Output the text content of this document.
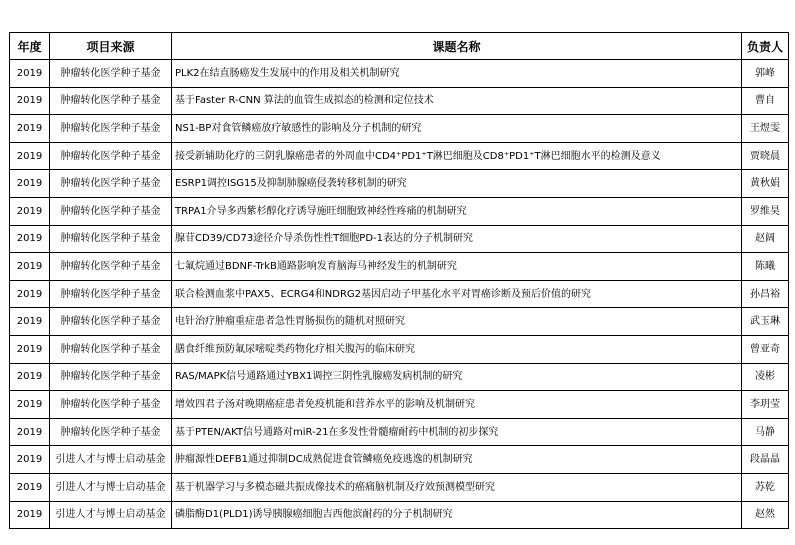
年度	项目来源	课题名称	负责人
2019	肿瘤转化医学种子基金	PLK2在结直肠癌发生发展中的作用及相关机制研究	郭峰
2019	肿瘤转化医学种子基金	基于Faster R-CNN 算法的血管生成拟态的检测和定位技术	曹自
2019	肿瘤转化医学种子基金	NS1-BP对食管鳞癌放疗敏感性的影响及分子机制的研究	王煜雯
2019	肿瘤转化医学种子基金	接受新辅助化疗的三阴乳腺癌患者的外周血中CD4⁺PD1⁺T淋巴细胞及CD8⁺PD1⁺T淋巴细胞水平的检测及意义	贾晓晨
2019	肿瘤转化医学种子基金	ESRP1调控ISG15及抑制肺腺癌侵袭转移机制的研究	黄秋娟
2019	肿瘤转化医学种子基金	TRPA1介导多西紫杉醇化疗诱导施旺细胞致神经性疼痛的机制研究	罗维昊
2019	肿瘤转化医学种子基金	腺苷CD39/CD73途径介导杀伤性性T细胞PD-1表达的分子机制研究	赵阔
2019	肿瘤转化医学种子基金	七氟烷通过BDNF-TrkB通路影响发育脑海马神经发生的机制研究	陈曦
2019	肿瘤转化医学种子基金	联合检测血浆中PAX5、ECRG4和NDRG2基因启动子甲基化水平对胃癌诊断及预后价值的研究	孙昌裕
2019	肿瘤转化医学种子基金	电针治疗肿瘤重症患者急性胃肠损伤的随机对照研究	武玉琳
2019	肿瘤转化医学种子基金	膳食纤维预防氟尿嘧啶类药物化疗相关腹泻的临床研究	曾亚奇
2019	肿瘤转化医学种子基金	RAS/MAPK信号通路通过YBX1调控三阴性乳腺癌发病机制的研究	凌彬
2019	肿瘤转化医学种子基金	增效四君子汤对晚期癌症患者免疫机能和营养水平的影响及机制研究	李玥莹
2019	肿瘤转化医学种子基金	基于PTEN/AKT信号通路对miR-21在多发性骨髓瘤耐药中机制的初步探究	马静
2019	引进人才与博士启动基金	肿瘤源性DEFB1通过抑制DC成熟促进食管鳞癌免疫逃逸的机制研究	段晶晶
2019	引进人才与博士启动基金	基于机器学习与多模态磁共振成像技术的癌痛脑机制及疗效预测模型研究	苏乾
2019	引进人才与博士启动基金	磷脂酶D1(PLD1)诱导胰腺癌细胞吉西他滨耐药的分子机制研究	赵然
